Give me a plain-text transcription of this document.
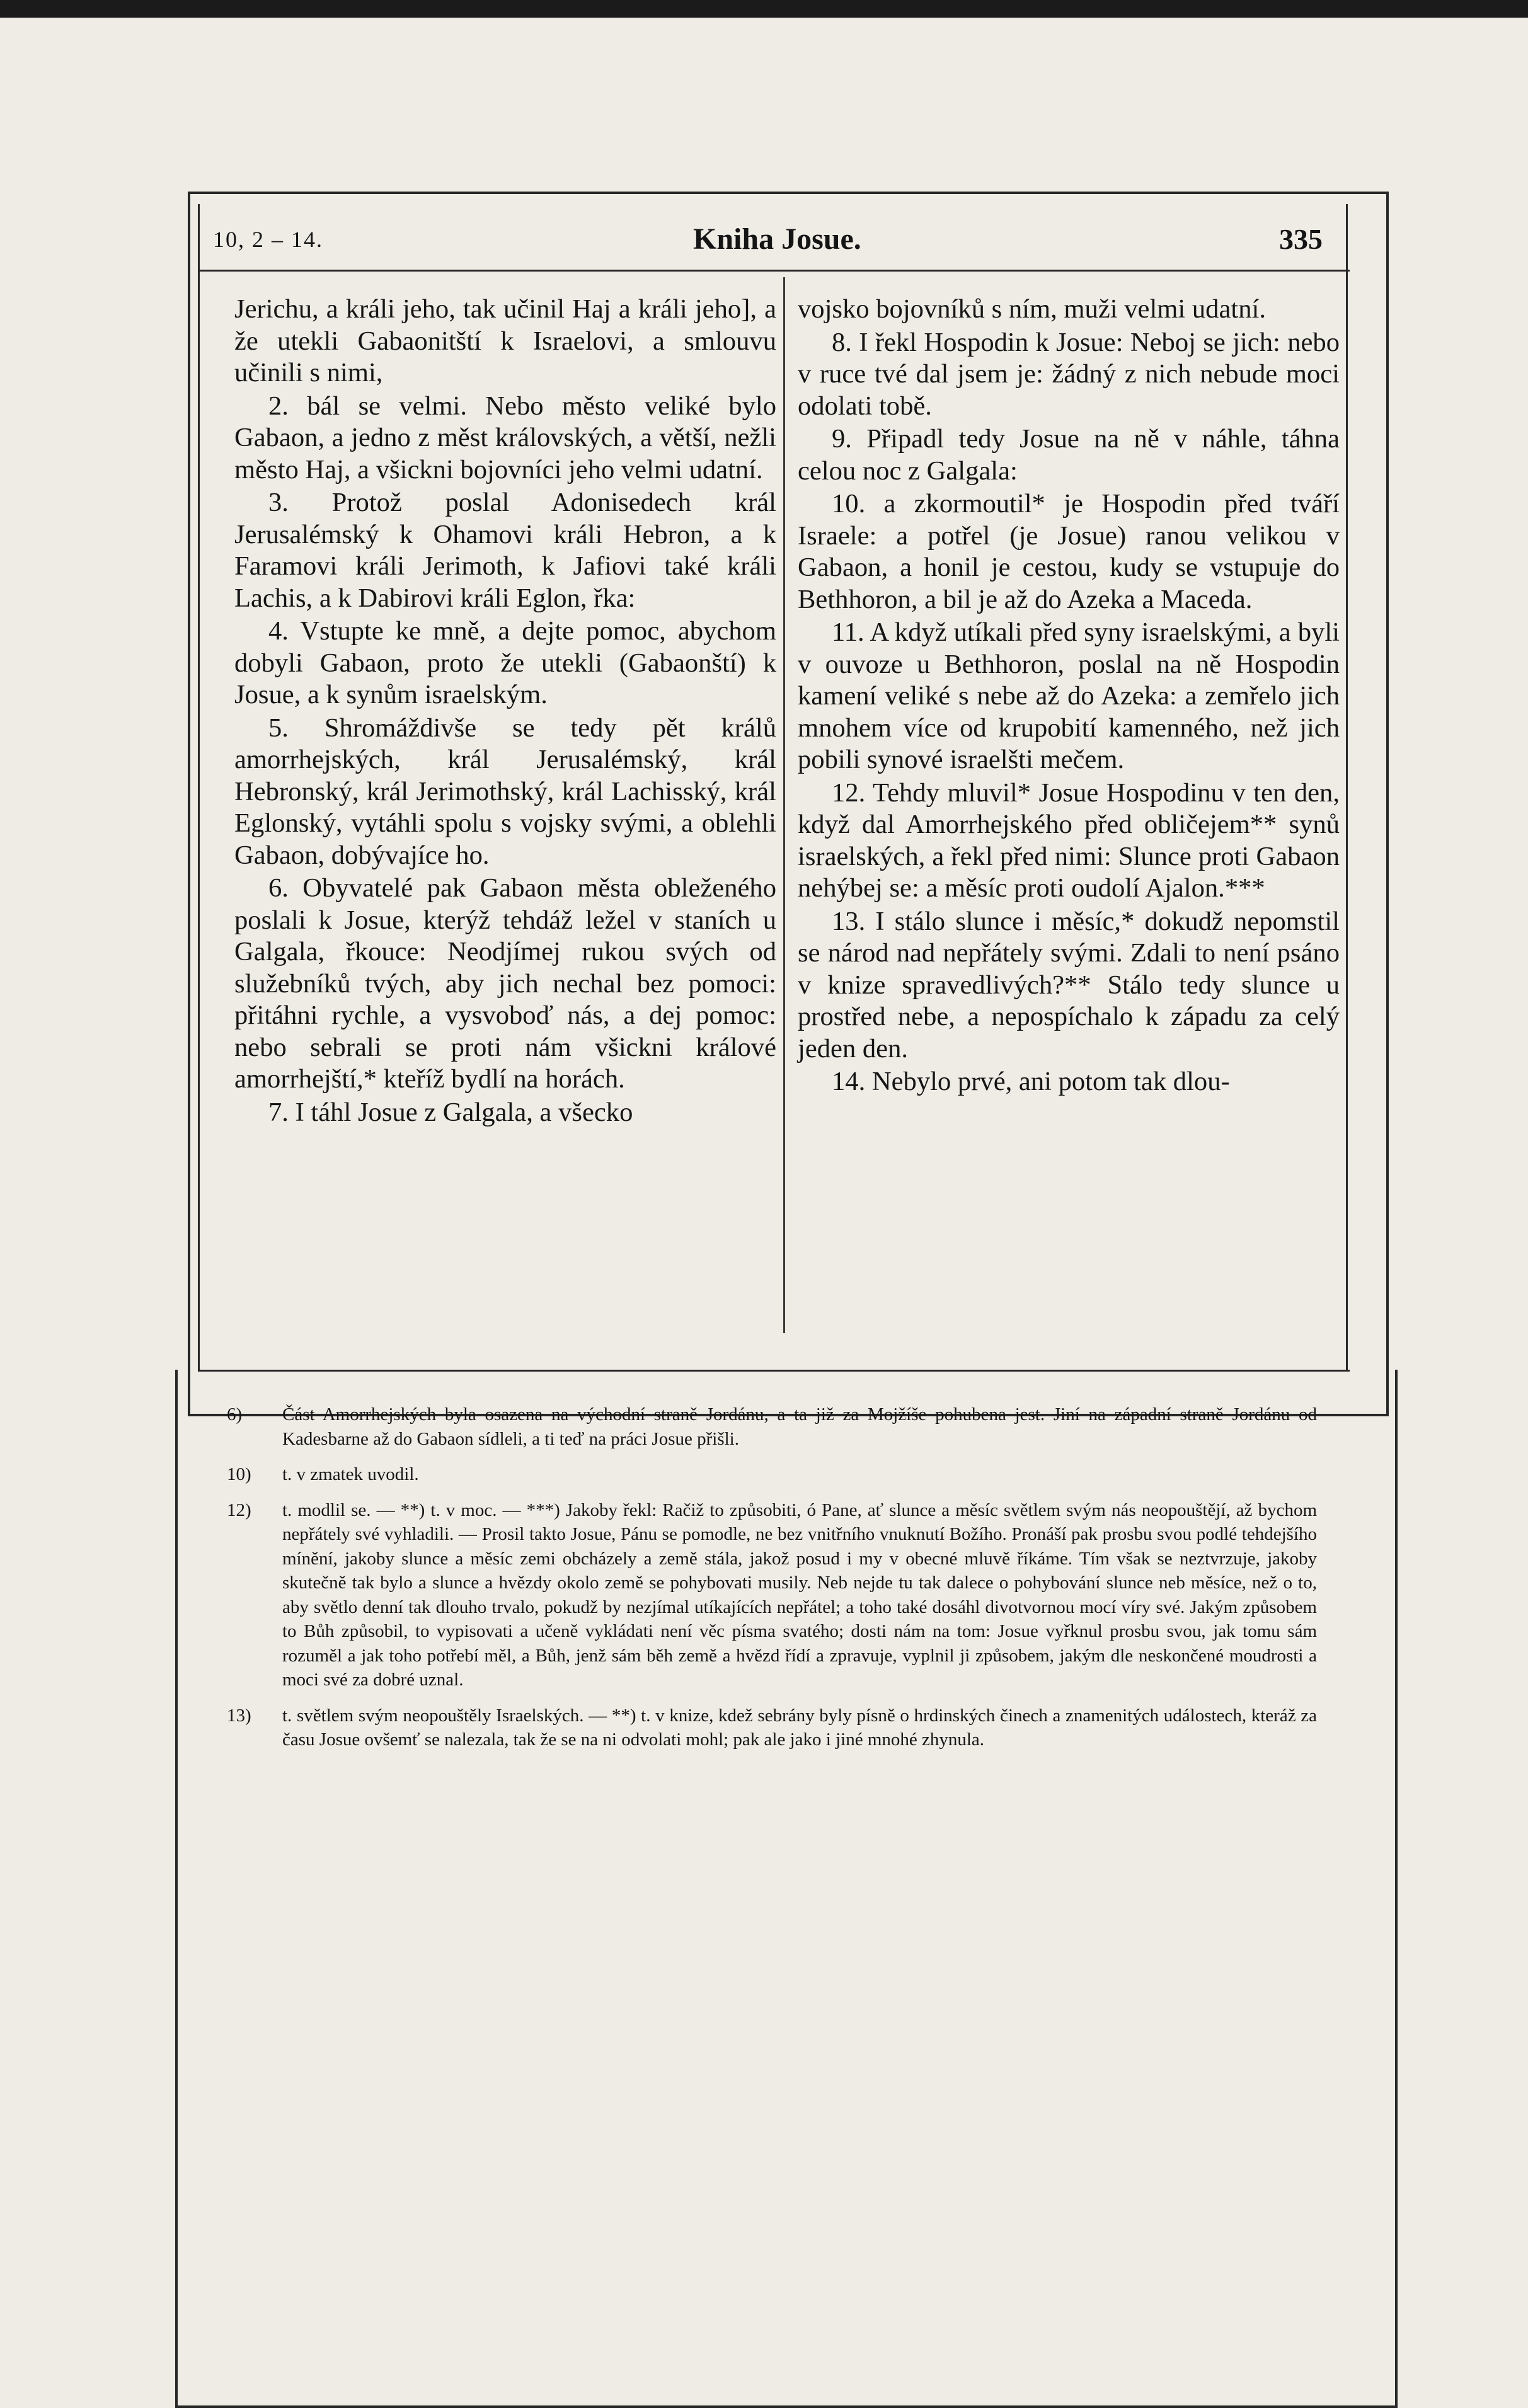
10, 2 – 14.	Kniha Josue.	335

Jerichu, a králi jeho, tak učinil Haj a králi jeho], a že utekli Gabaonitští k Israelovi, a smlouvu učinili s nimi,

2. bál se velmi. Nebo město veliké bylo Gabaon, a jedno z měst královských, a větší, nežli město Haj, a všickni bojovníci jeho velmi udatní.

3. Protož poslal Adonisedech král Jerusalémský k Ohamovi králi Hebron, a k Faramovi králi Jerimoth, k Jafiovi také králi Lachis, a k Dabirovi králi Eglon, řka:

4. Vstupte ke mně, a dejte pomoc, abychom dobyli Gabaon, proto že utekli (Gabaonští) k Josue, a k synům israelským.

5. Shromáždivše se tedy pět králů amorrhejských, král Jerusalémský, král Hebronský, král Jerimothský, král Lachisský, král Eglonský, vytáhli spolu s vojsky svými, a oblehli Gabaon, dobývajíce ho.

6. Obyvatelé pak Gabaon města obleženého poslali k Josue, kterýž tehdáž ležel v staních u Galgala, řkouce: Neodjímej rukou svých od služebníků tvých, aby jich nechal bez pomoci: přitáhni rychle, a vysvoboď nás, a dej pomoc: nebo sebrali se proti nám všickni králové amorrhejští,* kteříž bydlí na horách.

7. I táhl Josue z Galgala, a všecko

vojsko bojovníků s ním, muži velmi udatní.

8. I řekl Hospodin k Josue: Neboj se jich: nebo v ruce tvé dal jsem je: žádný z nich nebude moci odolati tobě.

9. Připadl tedy Josue na ně v náhle, táhna celou noc z Galgala:

10. a zkormoutil* je Hospodin před tváří Israele: a potřel (je Josue) ranou velikou v Gabaon, a honil je cestou, kudy se vstupuje do Bethhoron, a bil je až do Azeka a Maceda.

11. A když utíkali před syny israelskými, a byli v ouvoze u Bethhoron, poslal na ně Hospodin kamení veliké s nebe až do Azeka: a zemřelo jich mnohem více od krupobití kamenného, než jich pobili synové israelšti mečem.

12. Tehdy mluvil* Josue Hospodinu v ten den, když dal Amorrhejského před obličejem** synů israelských, a řekl před nimi: Slunce proti Gabaon nehýbej se: a měsíc proti oudolí Ajalon.***

13. I stálo slunce i měsíc,* dokudž nepomstil se národ nad nepřátely svými. Zdali to není psáno v knize spravedlivých?** Stálo tedy slunce u prostřed nebe, a nepospíchalo k západu za celý jeden den.

14. Nebylo prvé, ani potom tak dlou-

6)	Část Amorrhejských byla osazena na východní straně Jordánu, a ta již za Mojžíše pohubena jest. Jiní na západní straně Jordánu od Kadesbarne až do Gabaon sídleli, a ti teď na práci Josue přišli.
10)	t. v zmatek uvodil.
12)	t. modlil se. — **) t. v moc. — ***) Jakoby řekl: Račiž to způsobiti, ó Pane, ať slunce a měsíc světlem svým nás neopouštějí, až bychom nepřátely své vyhladili. — Prosil takto Josue, Pánu se pomodle, ne bez vnitřního vnuknutí Božího. Pronáší pak prosbu svou podlé tehdejšího mínění, jakoby slunce a měsíc zemi obcházely a země stála, jakož posud i my v obecné mluvě říkáme. Tím však se neztvrzuje, jakoby skutečně tak bylo a slunce a hvězdy okolo země se pohybovati musily. Neb nejde tu tak dalece o pohybování slunce neb měsíce, než o to, aby světlo denní tak dlouho trvalo, pokudž by nezjímal utíkajících nepřátel; a toho také dosáhl divotvornou mocí víry své. Jakým způsobem to Bůh způsobil, to vypisovati a učeně vykládati není věc písma svatého; dosti nám na tom: Josue vyřknul prosbu svou, jak tomu sám rozuměl a jak toho potřebí měl, a Bůh, jenž sám běh země a hvězd řídí a zpravuje, vyplnil ji způsobem, jakým dle neskončené moudrosti a moci své za dobré uznal.
13)	t. světlem svým neopouštěly Israelských. — **) t. v knize, kdež sebrány byly písně o hrdinských činech a znamenitých událostech, kteráž za času Josue ovšemť se nalezala, tak že se na ni odvolati mohl; pak ale jako i jiné mnohé zhynula.
